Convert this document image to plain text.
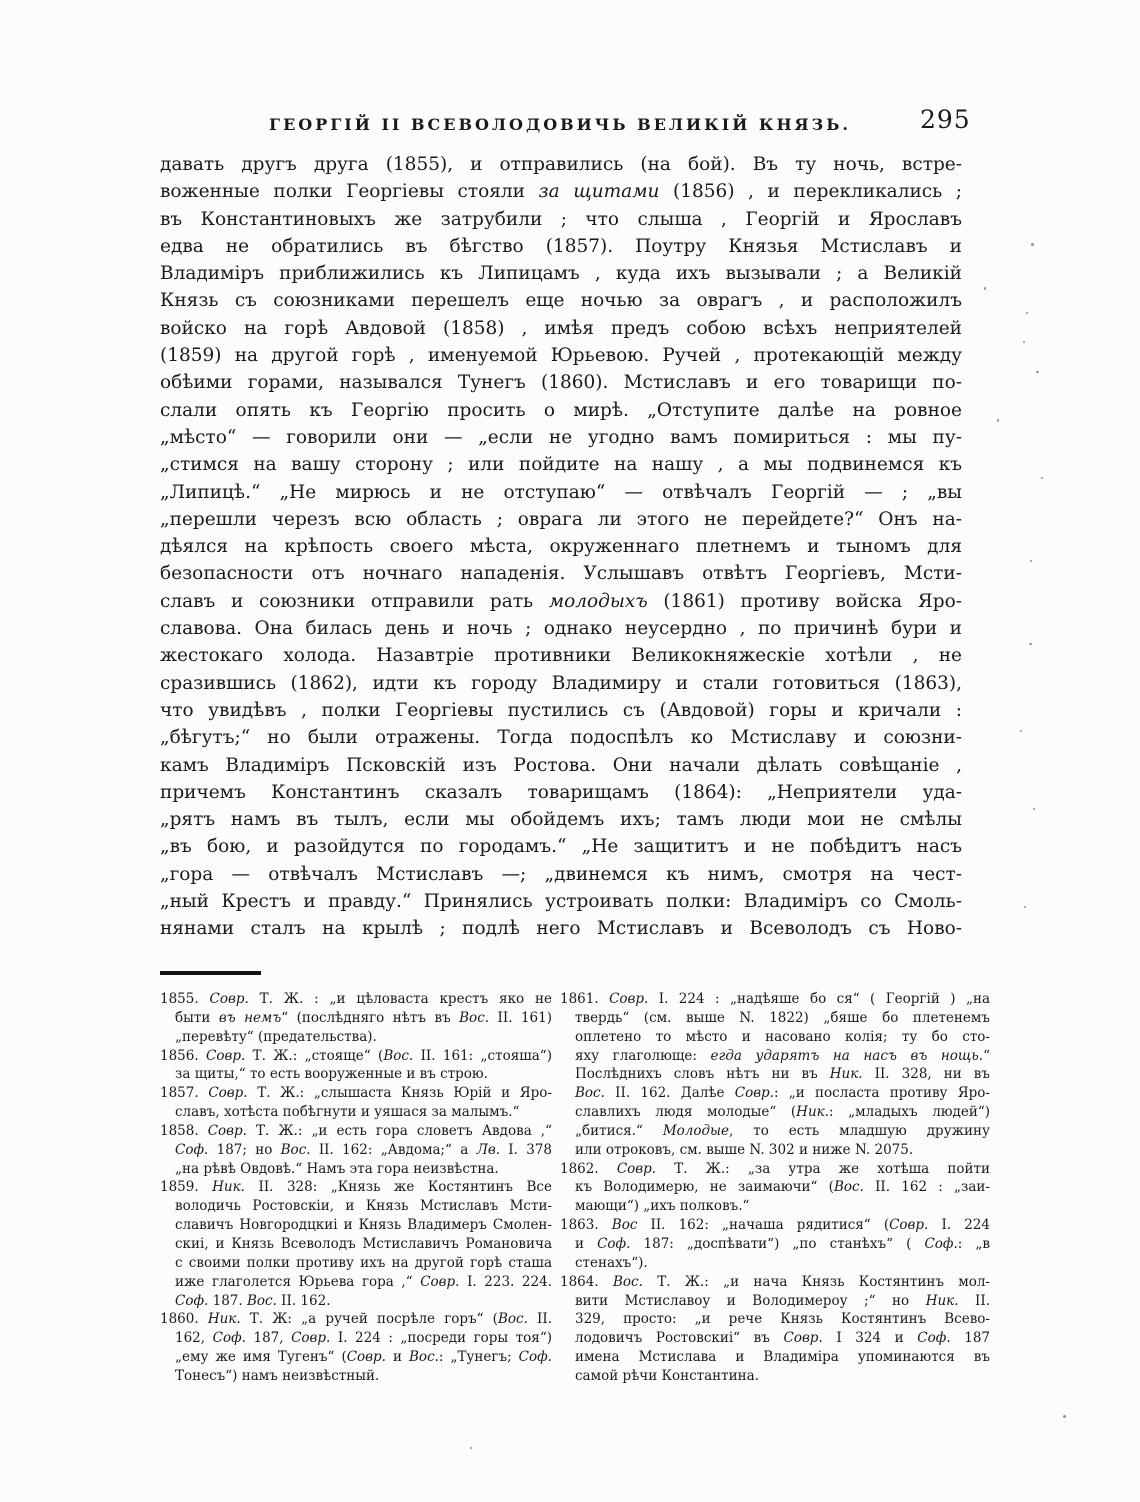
ГЕОРГІЙ II ВСЕВОЛОДОВИЧЬ ВЕЛИКІЙ КНЯЗЬ.	295
давать другъ друга (1855), и отправились (на бой). Въ ту ночь, встре-
воженные полки Георгіевы стояли за щитами (1856) , и перекликались ;
въ Константиновыхъ же затрубили ; что слыша , Георгій и Ярославъ
едва не обратились въ бѣгство (1857). Поутру Князья Мстиславъ и
Владиміръ приближились къ Липицамъ , куда ихъ вызывали ; а Великій
Князь съ союзниками перешелъ еще ночью за оврагъ , и расположилъ
войско на горѣ Авдовой (1858) , имѣя предъ собою всѣхъ неприятелей
(1859) на другой горѣ , именуемой Юрьевою. Ручей , протекающій между
обѣими горами, назывался Тунегъ (1860). Мстиславъ и его товарищи по-
слали опять къ Георгію просить о мирѣ. „Отступите далѣе на ровное
„мѣсто“ — говорили они — „если не угодно вамъ помириться : мы пу-
„стимся на вашу сторону ; или пойдите на нашу , а мы подвинемся къ
„Липицѣ.“ „Не мирюсь и не отступаю“ — отвѣчалъ Георгій — ; „вы
„перешли черезъ всю область ; оврага ли этого не перейдете?“ Онъ на-
дѣялся на крѣпость своего мѣста, окруженнаго плетнемъ и тыномъ для
безопасности отъ ночнаго нападенія. Услышавъ отвѣтъ Георгіевъ, Мсти-
славъ и союзники отправили рать молодыхъ (1861) противу войска Яро-
славова. Она билась день и ночь ; однако неусердно , по причинѣ бури и
жестокаго холода. Назавтріе противники Великокняжескіе хотѣли , не
сразившись (1862), идти къ городу Владимиру и стали готовиться (1863),
что увидѣвъ , полки Георгіевы пустились съ (Авдовой) горы и кричали :
„бѣгутъ;“ но были отражены. Тогда подоспѣлъ ко Мстиславу и союзни-
камъ Владиміръ Псковскій изъ Ростова. Они начали дѣлать совѣщаніе ,
причемъ Константинъ сказалъ товарищамъ (1864): „Неприятели уда-
„рятъ намъ въ тылъ, если мы обойдемъ ихъ; тамъ люди мои не смѣлы
„въ бою, и разойдутся по городамъ.“ „Не защититъ и не побѣдитъ насъ
„гора — отвѣчалъ Мстиславъ —; „двинемся къ нимъ, смотря на чест-
„ный Крестъ и правду.“ Принялись устроивать полки: Владиміръ со Смоль-
нянами сталъ на крылѣ ; подлѣ него Мстиславъ и Всеволодъ съ Ново-
1855. Совр. Т. Ж. : „и цѣловаста крестъ яко не
быти въ немъ“ (послѣдняго нѣтъ въ Вос. II. 161)
„перевѣту“ (предательства).
1856. Совр. Т. Ж.: „стояще“ (Вос. II. 161: „стояша“)
за щиты,“ то есть вооруженные и въ строю.
1857. Совр. Т. Ж.: „слышаста Князь Юрій и Яро-
славъ, хотѣста побѣгнути и уяшася за малымъ.“
1858. Совр. Т. Ж.: „и есть гора словетъ Авдова ,“
Соф. 187; но Вос. II. 162: „Авдома;“ а Лв. I. 378
„на рѣвѣ Овдовѣ.“ Намъ эта гора неизвѣстна.
1859. Ник. II. 328: „Князь же Костянтинъ Все
володичь Ростовскіи, и Князь Мстиславъ Мсти-
славичъ Новгородцкиі и Князь Владимеръ Смолен-
скиі, и Князь Всеволодъ Мстиславичъ Романовича
с своими полки противу ихъ на другой горѣ сташа
иже глаголется Юрьева гора ,“ Совр. I. 223. 224.
Соф. 187. Вос. II. 162.
1860. Ник. Т. Ж: „а ручей посрѣле горъ“ (Вос. II.
162, Соф. 187, Совр. I. 224 : „посреди горы тоя“)
„ему же имя Тугенъ“ (Совр. и Вос.: „Тунегъ; Соф.
Тонесъ“) намъ неизвѣстный.
1861. Совр. I. 224 : „надѣяше бо ся“ ( Георгій ) „на
твердь“ (см. выше N. 1822) „бяше бо плетенемъ
оплетено то мѣсто и насовано колія; ту бо сто-
яху глаголюще: егда ударятъ на насъ въ нощь.“
Послѣднихъ словъ нѣтъ ни въ Ник. II. 328, ни въ
Вос. II. 162. Далѣе Совр.: „и посласта противу Яро-
славлихъ людя молодые“ (Ник.: „младыхъ людей“)
„битися.“ Молодые, то есть младшую дружину
или отроковъ, см. выше N. 302 и ниже N. 2075.
1862. Совр. Т. Ж.: „за утра же хотѣша пойти
къ Володимерю, не заимаючи“ (Вос. II. 162 : „заи-
мающи“) „ихъ полковъ.“
1863. Вос II. 162: „начаша рядитися“ (Совр. I. 224
и Соф. 187: „доспѣвати“) „по станѣхъ“ ( Соф.: „в
стенахъ“).
1864. Вос. Т. Ж.: „и нача Князь Костянтинъ мол-
вити Мстиславоу и Володимероу ;“ но Ник. II.
329, просто: „и рече Князь Костянтинъ Всево-
лодовичъ Ростовскиі“ въ Совр. I 324 и Соф. 187
имена Мстислава и Владиміра упоминаются въ
самой рѣчи Константина.
